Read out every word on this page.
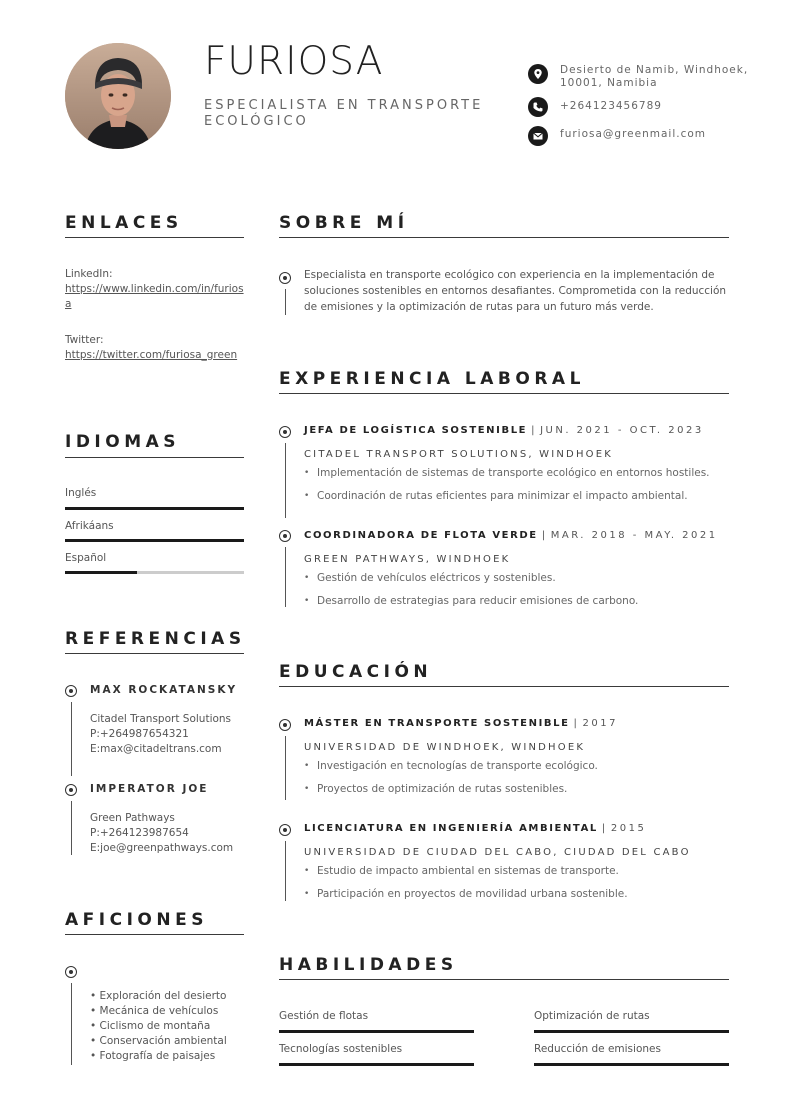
FURIOSA
ESPECIALISTA EN TRANSPORTE ECOLÓGICO
Desierto de Namib, Windhoek, 10001, Namibia
+264123456789
furiosa@greenmail.com
ENLACES
LinkedIn:
https://www.linkedin.com/in/furiosa
Twitter:
https://twitter.com/furiosa_green
IDIOMAS
Inglés
Afrikáans
Español
REFERENCIAS
MAX ROCKATANSKY
Citadel Transport Solutions
P:+264987654321
E:max@citadeltrans.com
IMPERATOR JOE
Green Pathways
P:+264123987654
E:joe@greenpathways.com
AFICIONES
• Exploración del desierto
• Mecánica de vehículos
• Ciclismo de montaña
• Conservación ambiental
• Fotografía de paisajes
SOBRE MÍ
Especialista en transporte ecológico con experiencia en la implementación de soluciones sostenibles en entornos desafiantes. Comprometida con la reducción de emisiones y la optimización de rutas para un futuro más verde.
EXPERIENCIA LABORAL
JEFA DE LOGÍSTICA SOSTENIBLE | JUN. 2021 - OCT. 2023
CITADEL TRANSPORT SOLUTIONS, WINDHOEK
• Implementación de sistemas de transporte ecológico en entornos hostiles.
• Coordinación de rutas eficientes para minimizar el impacto ambiental.
COORDINADORA DE FLOTA VERDE | MAR. 2018 - MAY. 2021
GREEN PATHWAYS, WINDHOEK
• Gestión de vehículos eléctricos y sostenibles.
• Desarrollo de estrategias para reducir emisiones de carbono.
EDUCACIÓN
MÁSTER EN TRANSPORTE SOSTENIBLE | 2017
UNIVERSIDAD DE WINDHOEK, WINDHOEK
• Investigación en tecnologías de transporte ecológico.
• Proyectos de optimización de rutas sostenibles.
LICENCIATURA EN INGENIERÍA AMBIENTAL | 2015
UNIVERSIDAD DE CIUDAD DEL CABO, CIUDAD DEL CABO
• Estudio de impacto ambiental en sistemas de transporte.
• Participación en proyectos de movilidad urbana sostenible.
HABILIDADES
Gestión de flotas	Optimización de rutas
Tecnologías sostenibles	Reducción de emisiones
